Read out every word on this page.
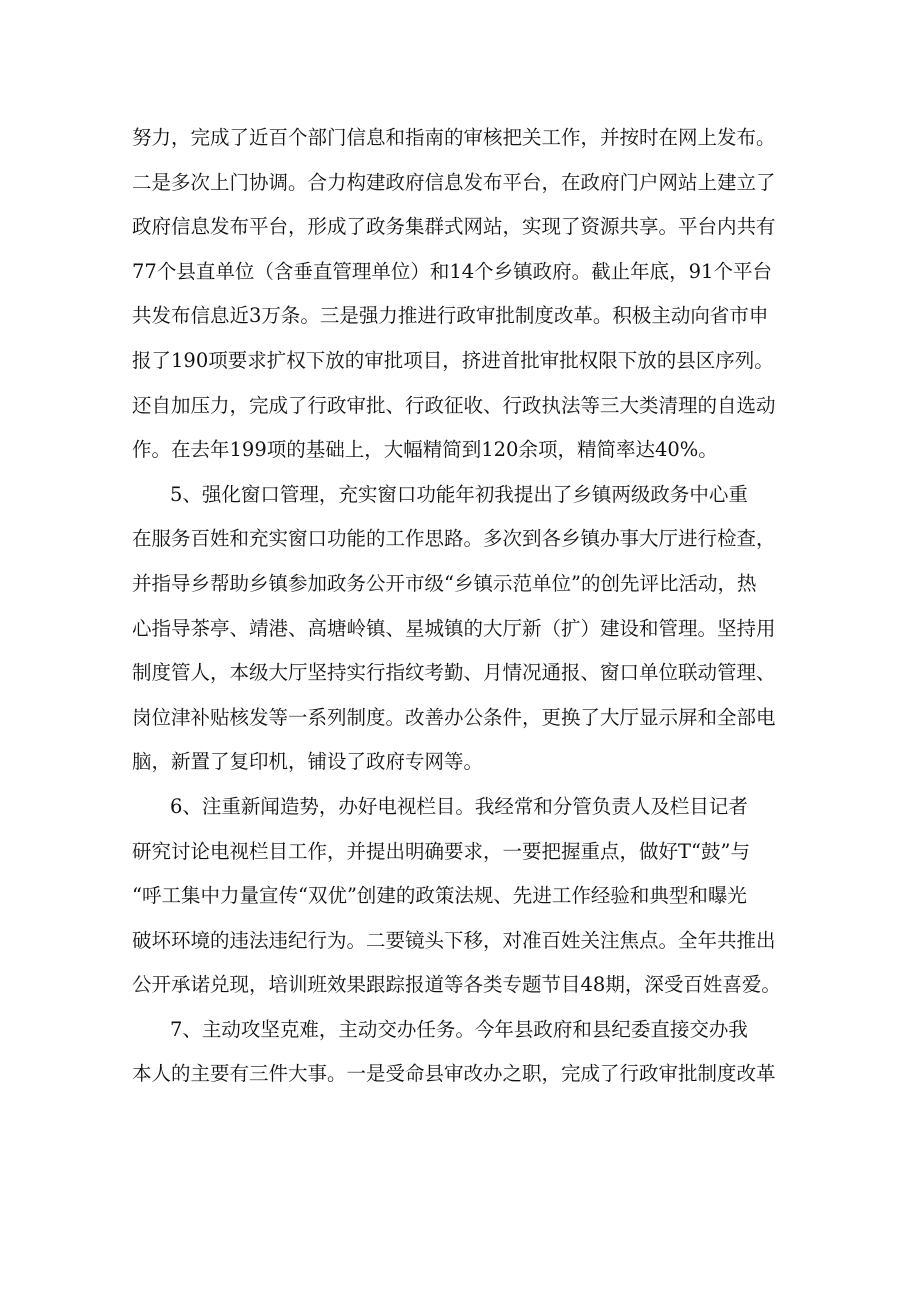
努力，完成了近百个部门信息和指南的审核把关工作，并按时在网上发布。
二是多次上门协调。合力构建政府信息发布平台，在政府门户网站上建立了
政府信息发布平台，形成了政务集群式网站，实现了资源共享。平台内共有
77个县直单位（含垂直管理单位）和14个乡镇政府。截止年底，91个平台
共发布信息近3万条。三是强力推进行政审批制度改革。积极主动向省市申
报了190项要求扩权下放的审批项目，挤进首批审批权限下放的县区序列。
还自加压力，完成了行政审批、行政征收、行政执法等三大类清理的自选动
作。在去年199项的基础上，大幅精简到120余项，精简率达40%。
5、强化窗口管理，充实窗口功能年初我提出了乡镇两级政务中心重
在服务百姓和充实窗口功能的工作思路。多次到各乡镇办事大厅进行检查，
并指导乡帮助乡镇参加政务公开市级“乡镇示范单位”的创先评比活动，热
心指导茶亭、靖港、高塘岭镇、星城镇的大厅新（扩）建设和管理。坚持用
制度管人，本级大厅坚持实行指纹考勤、月情况通报、窗口单位联动管理、
岗位津补贴核发等一系列制度。改善办公条件，更换了大厅显示屏和全部电
脑，新置了复印机，铺设了政府专网等。
6、注重新闻造势，办好电视栏目。我经常和分管负责人及栏目记者
研究讨论电视栏目工作，并提出明确要求，一要把握重点，做好T“鼓”与
“呼工集中力量宣传“双优”创建的政策法规、先进工作经验和典型和曝光
破坏环境的违法违纪行为。二要镜头下移，对准百姓关注焦点。全年共推出
公开承诺兑现，培训班效果跟踪报道等各类专题节目48期，深受百姓喜爱。
7、主动攻坚克难，主动交办任务。今年县政府和县纪委直接交办我
本人的主要有三件大事。一是受命县审改办之职，完成了行政审批制度改革
